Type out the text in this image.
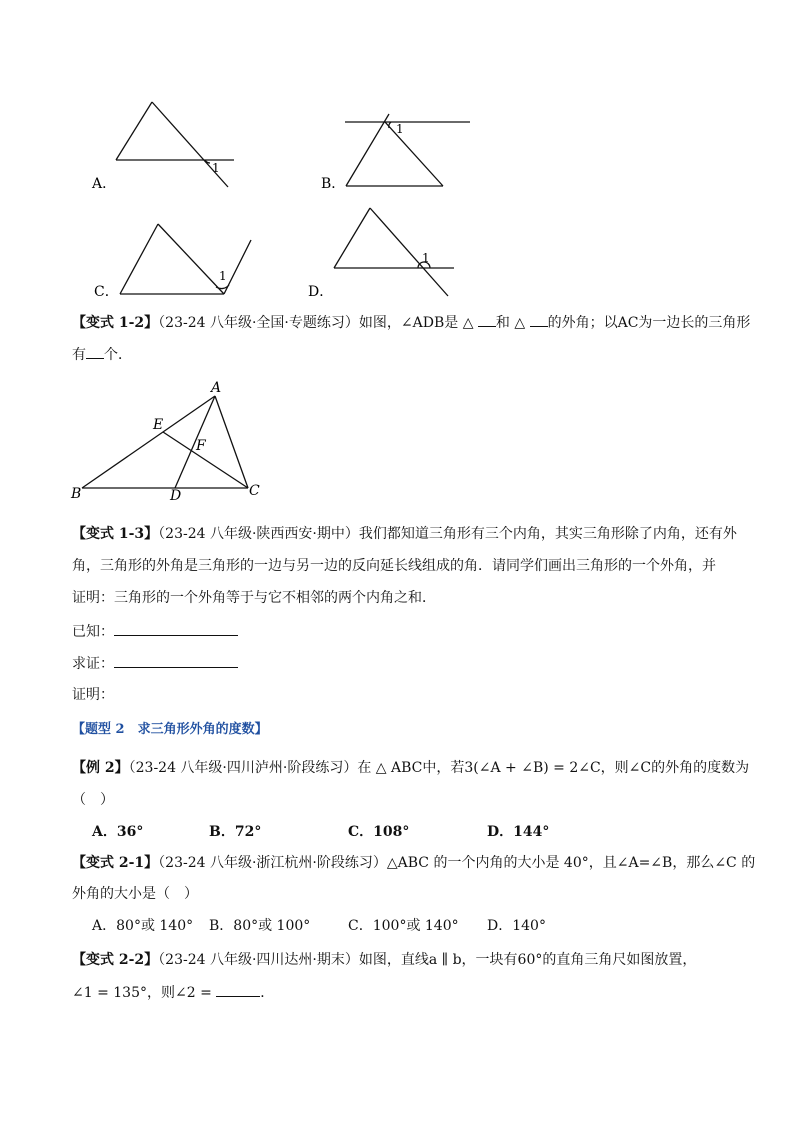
1
A．
1
B．
1
C．
1
D．
【变式 1-2】（23-24 八年级·全国·专题练习）如图，∠ADB是 △ 和 △ 的外角；以AC为一边长的三角形
有 个．
A
B	C
D
E
F
【变式 1-3】（23-24 八年级·陕西西安·期中）我们都知道三角形有三个内角，其实三角形除了内角，还有外
角，三角形的外角是三角形的一边与另一边的反向延长线组成的角．请同学们画出三角形的一个外角，并
证明：三角形的一个外角等于与它不相邻的两个内角之和．
已知：
求证：
证明：
【题型 2　求三角形外角的度数】
【例 2】（23-24 八年级·四川泸州·阶段练习）在 △ ABC中，若3(∠A + ∠B) = 2∠C，则∠C的外角的度数为
（　）
A．36°	B．72°	C．108°	D．144°
【变式 2-1】（23-24 八年级·浙江杭州·阶段练习）△ABC 的一个内角的大小是 40°，且∠A=∠B，那么∠C 的
外角的大小是（　）
A．80°或 140° B．80°或 100°	C．100°或 140° D．140°
【变式 2-2】（23-24 八年级·四川达州·期末）如图，直线a ∥ b，一块有60°的直角三角尺如图放置，
∠1 = 135°，则∠2 =	．
